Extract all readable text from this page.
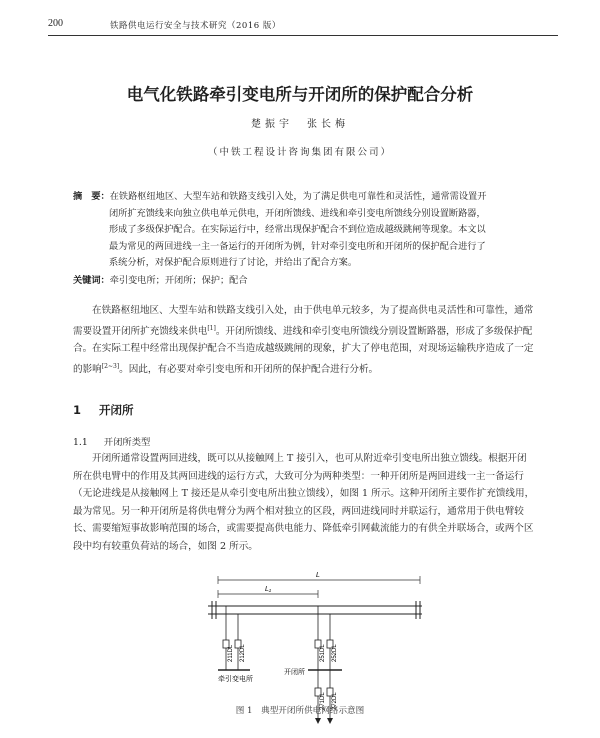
200	铁路供电运行安全与技术研究（2016 版）
电气化铁路牵引变电所与开闭所的保护配合分析
楚振宇　张长梅
（中铁工程设计咨询集团有限公司）
摘　要：在铁路枢纽地区、大型车站和铁路支线引入处，为了满足供电可靠性和灵活性，通常需设置开
闭所扩充馈线来向独立供电单元供电，开闭所馈线、进线和牵引变电所馈线分别设置断路器，
形成了多级保护配合。在实际运行中，经常出现保护配合不到位造成越级跳闸等现象。本文以
最为常见的两回进线一主一备运行的开闭所为例，针对牵引变电所和开闭所的保护配合进行了
系统分析，对保护配合原则进行了讨论，并给出了配合方案。
关键词：牵引变电所；开闭所；保护；配合

在铁路枢纽地区、大型车站和铁路支线引入处，由于供电单元较多，为了提高供电灵活性和可靠性，通常需要设置开闭所扩充馈线来供电[1]。开闭所馈线、进线和牵引变电所馈线分别设置断路器，形成了多级保护配合。在实际工程中经常出现保护配合不当造成越级跳闸的现象，扩大了停电范围，对现场运输秩序造成了一定的影响[2~3]。因此，有必要对牵引变电所和开闭所的保护配合进行分析。

1 开闭所
1.1 开闭所类型

开闭所通常设置两回进线，既可以从接触网上 T 接引入，也可从附近牵引变电所出独立馈线。根据开闭所在供电臂中的作用及其两回进线的运行方式，大致可分为两种类型：一种开闭所是两回进线一主一备运行（无论进线是从接触网上 T 接还是从牵引变电所出独立馈线），如图 1 所示。这种开闭所主要作扩充馈线用，最为常见。另一种开闭所是将供电臂分为两个相对独立的区段，两回进线同时并联运行，通常用于供电臂较长、需要缩短事故影响范围的场合，或需要提高供电能力、降低牵引网截流能力的有供全并联场合，或两个区段中均有较重负荷站的场合，如图 2 所示。

L
L₁
211DL 212DL
牵引变电所
251DL 252DL
开闭所
271DL 272DL
图 1　典型开闭所供电网络示意图
